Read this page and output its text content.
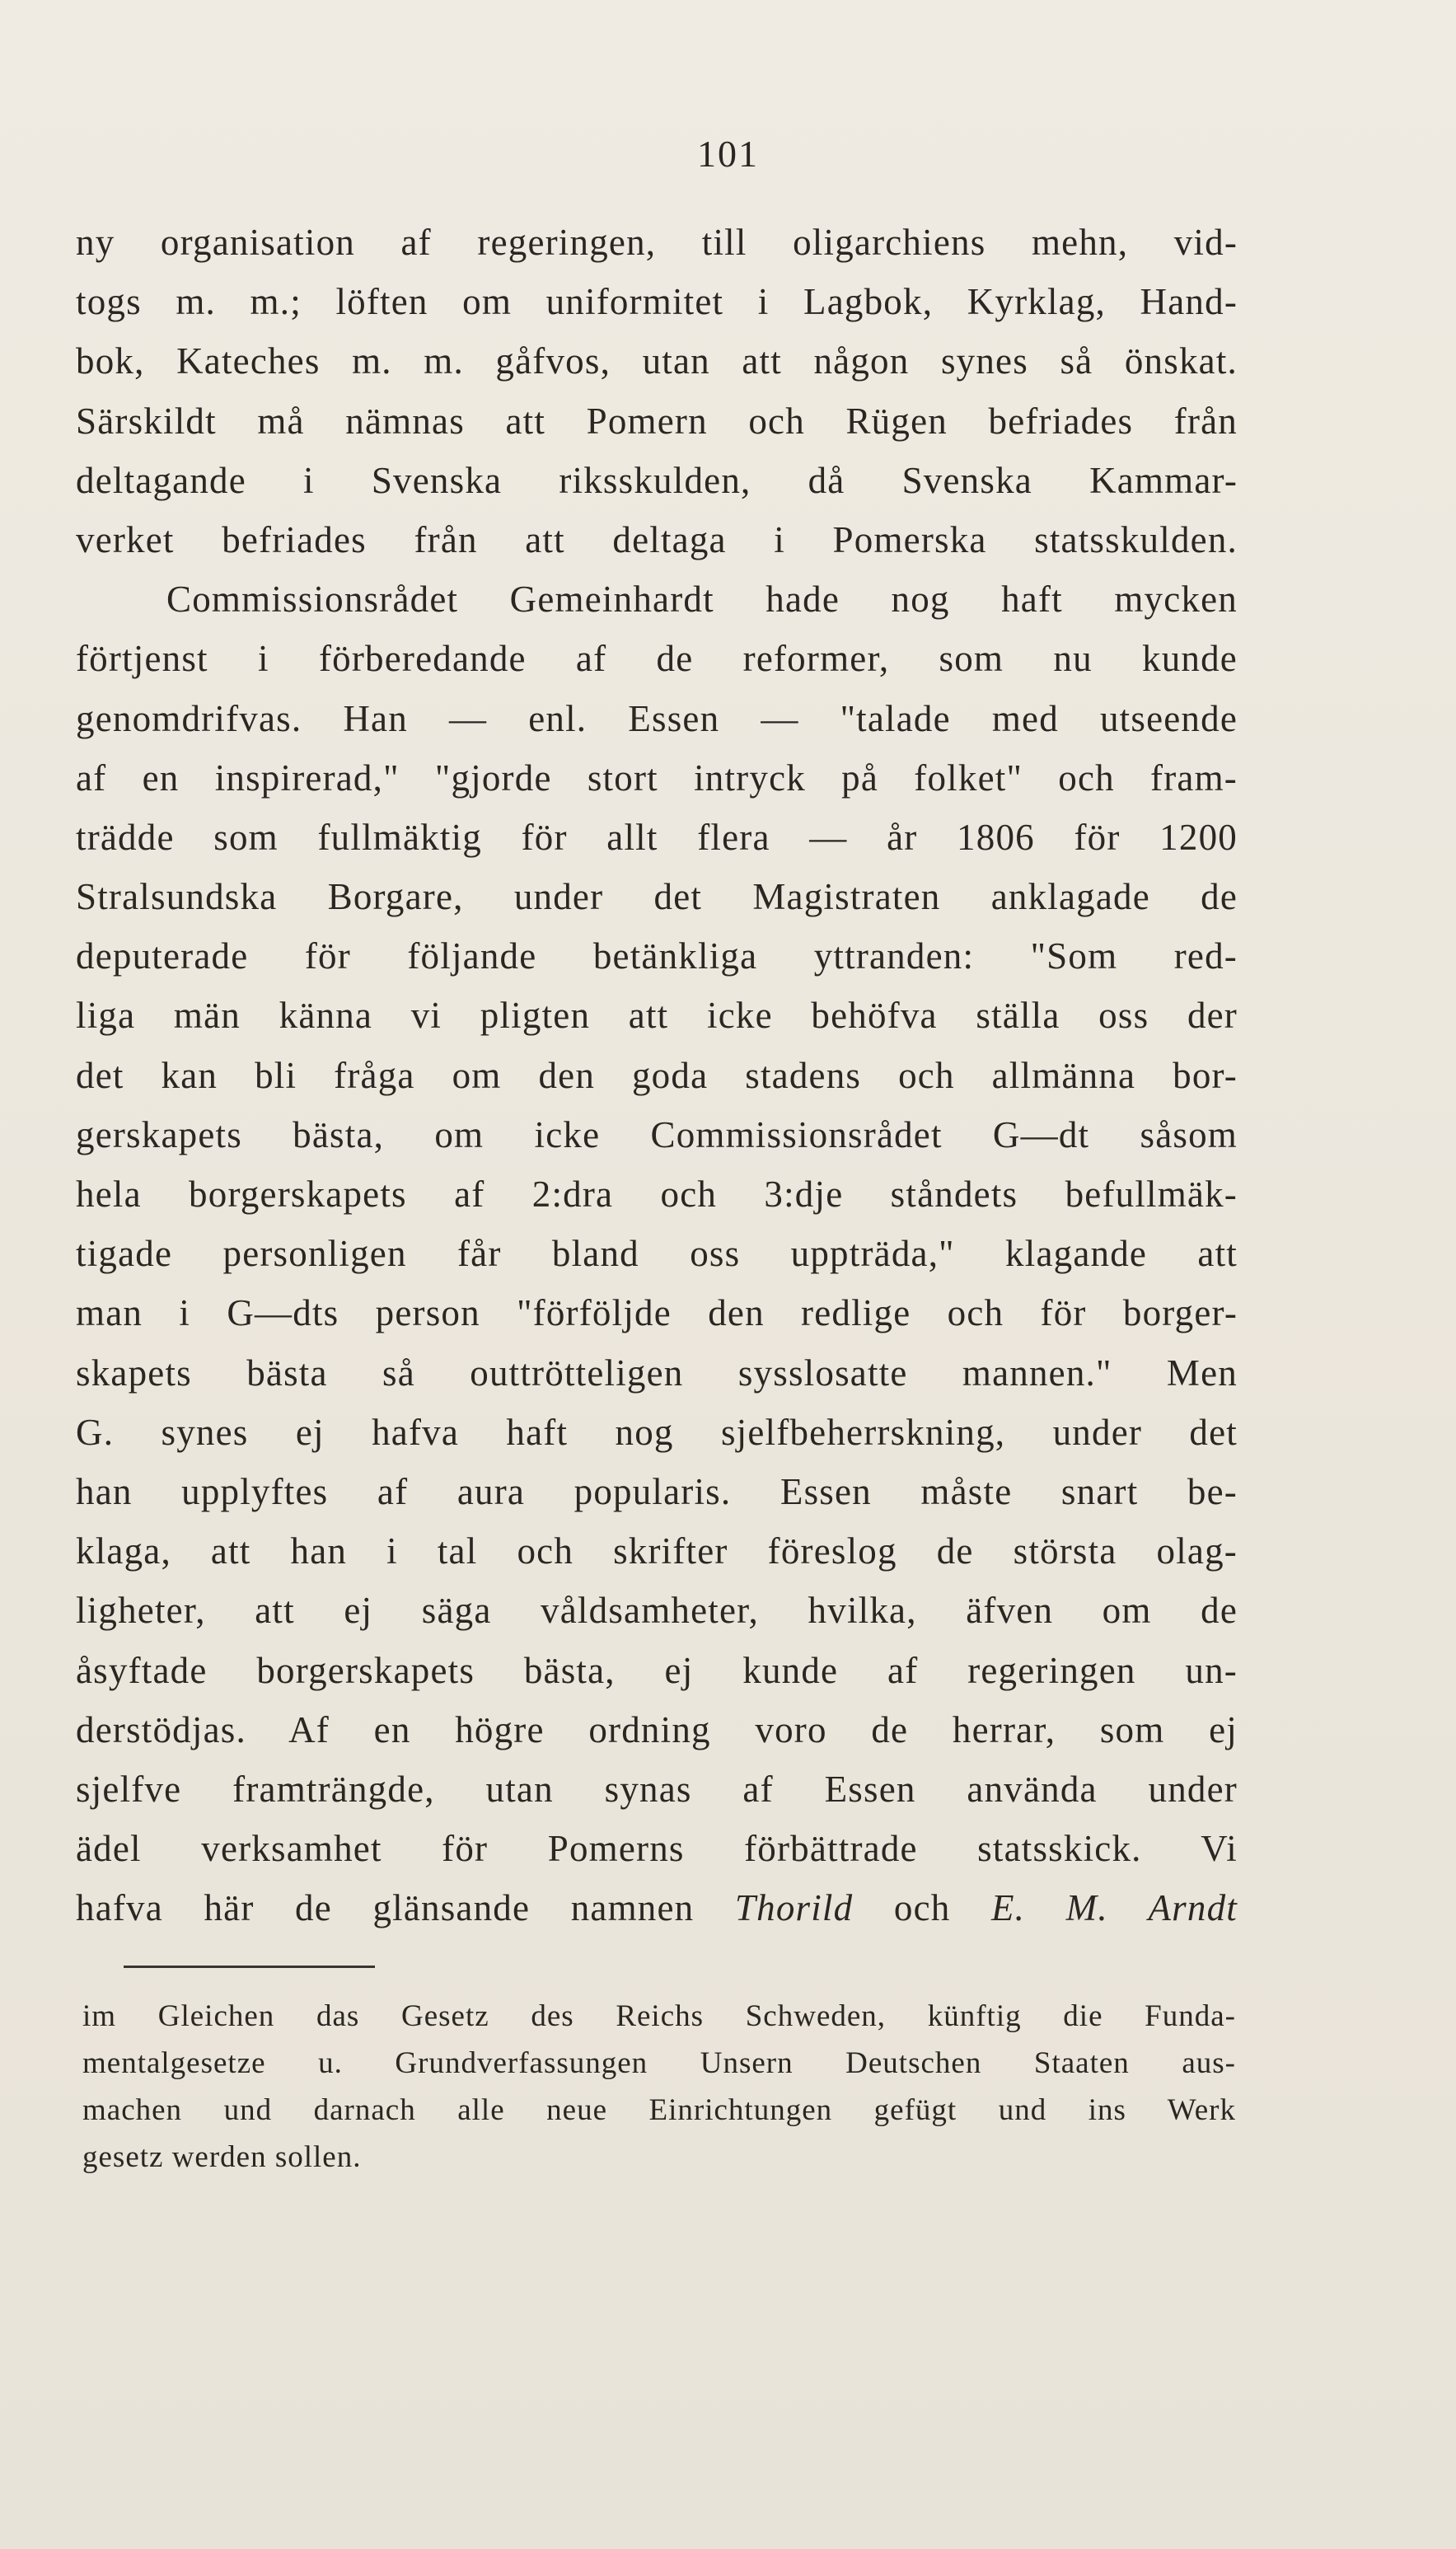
101
ny organisation af regeringen, till oligarchiens mehn, vid-
togs m. m.; löften om uniformitet i Lagbok, Kyrklag, Hand-
bok, Kateches m. m. gåfvos, utan att någon synes så önskat.
Särskildt må nämnas att Pomern och Rügen befriades från
deltagande i Svenska riksskulden, då Svenska Kammar-
verket befriades från att deltaga i Pomerska statsskulden.
Commissionsrådet Gemeinhardt hade nog haft mycken
förtjenst i förberedande af de reformer, som nu kunde
genomdrifvas. Han — enl. Essen — "talade med utseende
af en inspirerad," "gjorde stort intryck på folket" och fram-
trädde som fullmäktig för allt flera — år 1806 för 1200
Stralsundska Borgare, under det Magistraten anklagade de
deputerade för följande betänkliga yttranden: "Som red-
liga män känna vi pligten att icke behöfva ställa oss der
det kan bli fråga om den goda stadens och allmänna bor-
gerskapets bästa, om icke Commissionsrådet G—dt såsom
hela borgerskapets af 2:dra och 3:dje ståndets befullmäk-
tigade personligen får bland oss uppträda," klagande att
man i G—dts person "förföljde den redlige och för borger-
skapets bästa så outtrötteligen sysslosatte mannen." Men
G. synes ej hafva haft nog sjelfbeherrskning, under det
han upplyftes af aura popularis. Essen måste snart be-
klaga, att han i tal och skrifter föreslog de största olag-
ligheter, att ej säga våldsamheter, hvilka, äfven om de
åsyftade borgerskapets bästa, ej kunde af regeringen un-
derstödjas. Af en högre ordning voro de herrar, som ej
sjelfve framträngde, utan synas af Essen använda under
ädel verksamhet för Pomerns förbättrade statsskick. Vi
hafva här de glänsande namnen Thorild och E. M. Arndt
im Gleichen das Gesetz des Reichs Schweden, künftig die Funda-
mentalgesetze u. Grundverfassungen Unsern Deutschen Staaten aus-
machen und darnach alle neue Einrichtungen gefügt und ins Werk
gesetz werden sollen.
